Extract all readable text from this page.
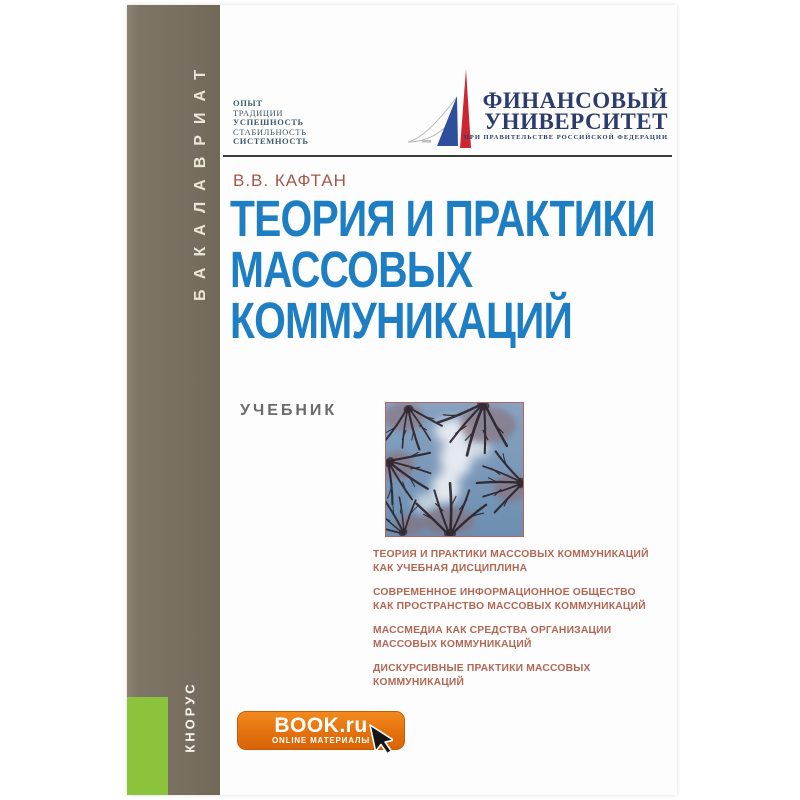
БАКАЛАВРИАТ
КНОРУС
ОПЫТ
ТРАДИЦИИ
УСПЕШНОСТЬ
СТАБИЛЬНОСТЬ
СИСТЕМНОСТЬ
ФИНАНСОВЫЙ
УНИВЕРСИТЕТ
ПРИ ПРАВИТЕЛЬСТВЕ РОССИЙСКОЙ ФЕДЕРАЦИИ
В.В. КАФТАН
ТЕОРИЯ И ПРАКТИКИ
МАССОВЫХ
КОММУНИКАЦИЙ
УЧЕБНИК
ТЕОРИЯ И ПРАКТИКИ МАССОВЫХ КОММУНИКАЦИЙ
КАК УЧЕБНАЯ ДИСЦИПЛИНА
СОВРЕМЕННОЕ ИНФОРМАЦИОННОЕ ОБЩЕСТВО
КАК ПРОСТРАНСТВО МАССОВЫХ КОММУНИКАЦИЙ
МАССМЕДИА КАК СРЕДСТВА ОРГАНИЗАЦИИ
МАССОВЫХ КОММУНИКАЦИЙ
ДИСКУРСИВНЫЕ ПРАКТИКИ МАССОВЫХ
КОММУНИКАЦИЙ
BOOK.ru
ONLINE МАТЕРИАЛЫ
